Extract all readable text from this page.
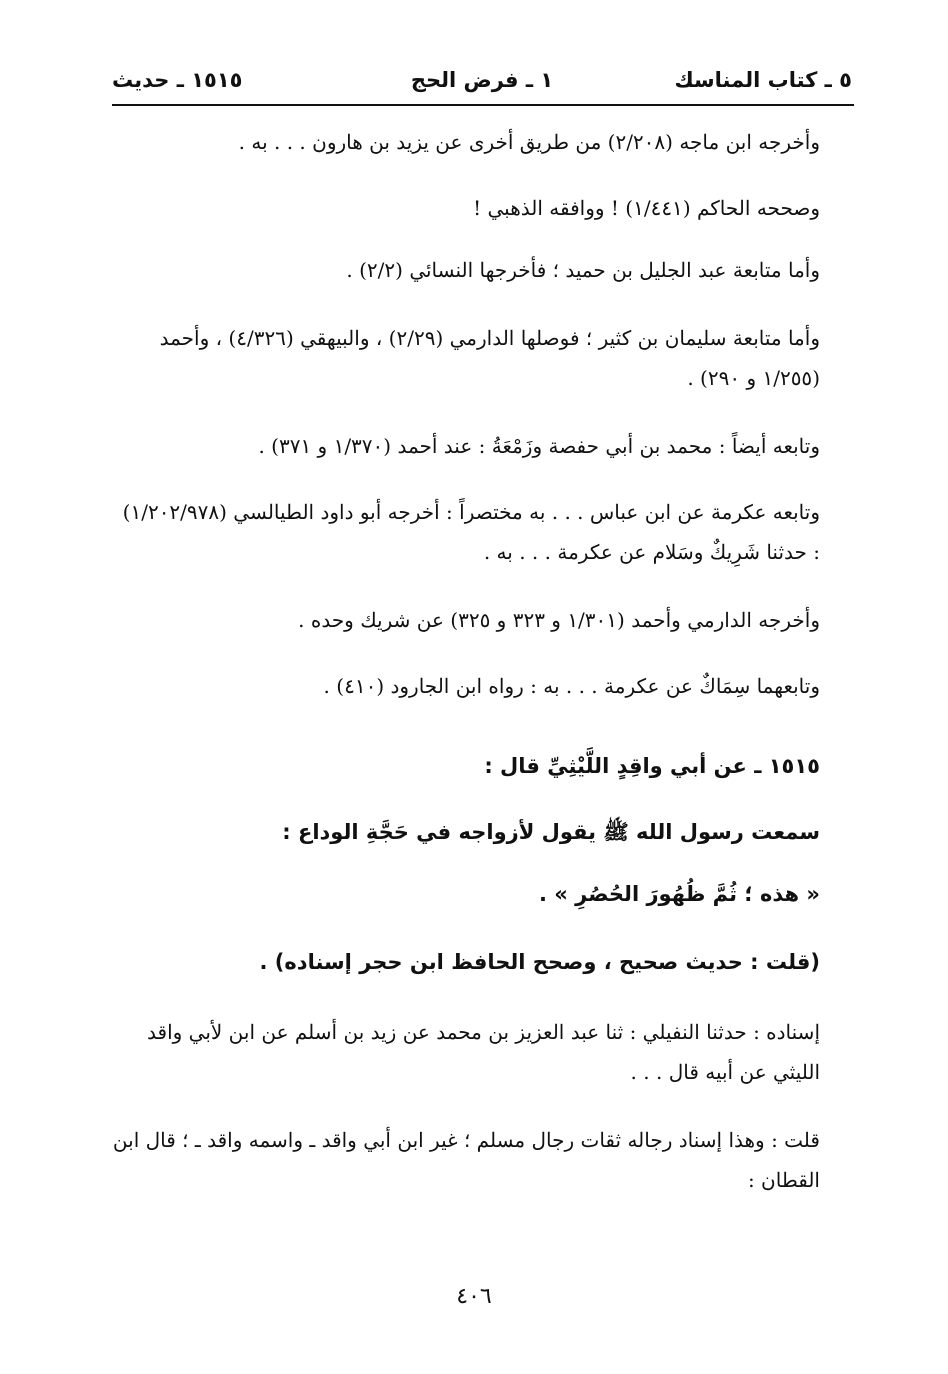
٥ ـ كتاب المناسك
١ ـ فرض الحج
١٥١٥ ـ حديث
وأخرجه ابن ماجه (٢/٢٠٨) من طريق أخرى عن يزيد بن هارون . . . به .
وصححه الحاكم (١/٤٤١) ! ووافقه الذهبي !
وأما متابعة عبد الجليل بن حميد ؛ فأخرجها النسائي (٢/٢) .
وأما متابعة سليمان بن كثير ؛ فوصلها الدارمي (٢/٢٩) ، والبيهقي (٤/٣٢٦) ، وأحمد (١/٢٥٥ و ٢٩٠) .
وتابعه أيضاً : محمد بن أبي حفصة وزَمْعَةُ : عند أحمد (١/٣٧٠ و ٣٧١) .
وتابعه عكرمة عن ابن عباس . . . به مختصراً : أخرجه أبو داود الطيالسي (١/٢٠٢/٩٧٨) : حدثنا شَرِيكٌ وسَلام عن عكرمة . . . به .
وأخرجه الدارمي وأحمد (١/٣٠١ و ٣٢٣ و ٣٢٥) عن شريك وحده .
وتابعهما سِمَاكٌ عن عكرمة . . . به : رواه ابن الجارود (٤١٠) .
١٥١٥ ـ عن أبي واقِدٍ اللَّيْثِيِّ قال :
سمعت رسول الله ﷺ يقول لأزواجه في حَجَّةِ الوداع :
« هذه ؛ ثُمَّ ظُهُورَ الحُصُرِ » .
(قلت : حديث صحيح ، وصحح الحافظ ابن حجر إسناده) .
إسناده : حدثنا النفيلي : ثنا عبد العزيز بن محمد عن زيد بن أسلم عن ابن لأبي واقد الليثي عن أبيه قال . . .
قلت : وهذا إسناد رجاله ثقات رجال مسلم ؛ غير ابن أبي واقد ـ واسمه واقد ـ ؛ قال ابن القطان :
٤٠٦
